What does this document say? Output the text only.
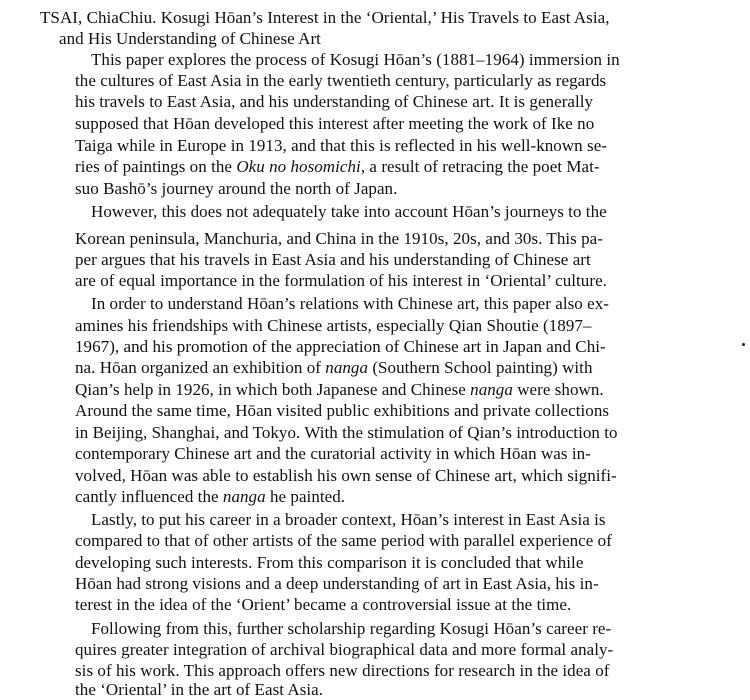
TSAI, ChiaChiu. Kosugi Hōan’s Interest in the ‘Oriental,’ His Travels to East Asia,
and His Understanding of Chinese Art
This paper explores the process of Kosugi Hōan’s (1881–1964) immersion in
the cultures of East Asia in the early twentieth century, particularly as regards
his travels to East Asia, and his understanding of Chinese art. It is generally
supposed that Hōan developed this interest after meeting the work of Ike no
Taiga while in Europe in 1913, and that this is reflected in his well-known se-
ries of paintings on the Oku no hosomichi, a result of retracing the poet Mat-
suo Bashō’s journey around the north of Japan.
However, this does not adequately take into account Hōan’s journeys to the
Korean peninsula, Manchuria, and China in the 1910s, 20s, and 30s. This pa-
per argues that his travels in East Asia and his understanding of Chinese art
are of equal importance in the formulation of his interest in ‘Oriental’ culture.
In order to understand Hōan’s relations with Chinese art, this paper also ex-
amines his friendships with Chinese artists, especially Qian Shoutie (1897–
1967), and his promotion of the appreciation of Chinese art in Japan and Chi-
na. Hōan organized an exhibition of nanga (Southern School painting) with
Qian’s help in 1926, in which both Japanese and Chinese nanga were shown.
Around the same time, Hōan visited public exhibitions and private collections
in Beijing, Shanghai, and Tokyo. With the stimulation of Qian’s introduction to
contemporary Chinese art and the curatorial activity in which Hōan was in-
volved, Hōan was able to establish his own sense of Chinese art, which signifi-
cantly influenced the nanga he painted.
Lastly, to put his career in a broader context, Hōan’s interest in East Asia is
compared to that of other artists of the same period with parallel experience of
developing such interests. From this comparison it is concluded that while
Hōan had strong visions and a deep understanding of art in East Asia, his in-
terest in the idea of the ‘Orient’ became a controversial issue at the time.
Following from this, further scholarship regarding Kosugi Hōan’s career re-
quires greater integration of archival biographical data and more formal analy-
sis of his work. This approach offers new directions for research in the idea of
the ‘Oriental’ in the art of East Asia.
